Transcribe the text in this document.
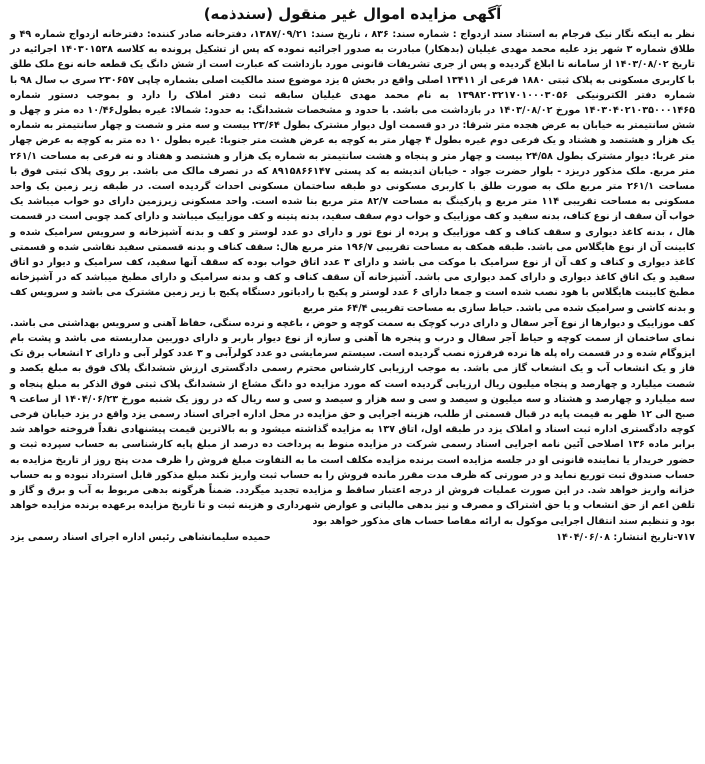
آگهی مزایده اموال غیر منقول (سندذمه)

نظر به اینکه نگار نیک فرجام به استناد سند ازدواج : شماره سند: ۸۳۶ ، تاریخ سند: ۱۳۸۷/۰۹/۲۱، دفترخانه صادر کننده: دفترخانه ازدواج شماره ۴۹ و طلاق شماره ۳ شهر یزد علیه محمد مهدی غیلیان (بدهکار) مبادرت به صدور اجرائیه نموده که پس از تشکیل پرونده به کلاسه ۱۴۰۳۰۱۵۳۸ اجرائیه در تاریخ ۱۴۰۳/۰۸/۰۲ از سامانه تا ابلاغ گردیده و پس از جری تشریفات قانونی مورد بازداشت که عبارت است از شش دانگ یک قطعه خانه نوع ملک طلق با کاربری مسکونی به پلاک ثبتی ۱۸۸۰ فرعی از ۱۳۴۱۱ اصلی واقع در بخش ۵ یزد موضوع سند مالکیت اصلی بشماره چاپی ۲۳۰۶۵۷ سری ب سال ۹۸ با شماره دفتر الکترونیکی ۱۳۹۸۲۰۳۲۱۷۰۱۰۰۰۳۰۵۶ به نام محمد مهدی غیلیان سابقه ثبت دفتر املاک را دارد و بموجب دستور شماره ۱۴۰۳۰۴۰۲۱۰۳۵۰۰۰۱۴۶۵ مورخ ۱۴۰۳/۰۸/۰۲ در بازداشت می باشد. با حدود و مشخصات ششدانگ: به حدود: شمالا: غیره بطول۱۰/۴۶ ده متر و چهل و شش سانتیمتر به خیابان به عرض هجده متر شرقا: در دو قسمت اول دیوار مشترک بطول ۲۳/۶۴ بیست و سه متر و شصت و چهار سانتیمتر به شماره یک هزار و هشتصد و هشتاد و یک فرعی دوم غیره بطول ۴ چهار متر به کوچه به عرض هشت متر جنوبا: غیره بطول ۱۰ ده متر به کوچه به عرض چهار متر غربا: دیوار مشترک بطول ۲۴/۵۸ بیست و چهار متر و پنجاه و هشت سانتیمتر به شماره یک هزار و هشتصد و هفتاد و نه فرعی به مساحت ۲۶۱/۱ متر مربع. ملک مذکور دریزد - بلوار حضرت جواد - خیابان اندیشه به کد پستی ۸۹۱۵۸۶۶۱۴۷ که در تصرف مالک می باشد. بر روی پلاک ثبتی فوق با مساحت ۲۶۱/۱ متر مربع ملک به صورت طلق با کاربری مسکونی دو طبقه ساختمان مسکونی احداث گردیده است. در طبقه زیر زمین یک واحد مسکونی به مساحت تقریبی ۱۱۴ متر مربع و پارکینگ به مساحت ۸۲/۷ متر مربع بنا شده است. واحد مسکونی زیرزمین دارای دو خواب میباشد یک خواب آن سقف از نوع کناف، بدنه سفید و کف موزاییک و خواب دوم سقف سفید، بدنه پتینه و کف موزاییک میباشد و دارای کمد چوبی است در قسمت هال ، بدنه کاغذ دیواری و سقف کناف و کف موزاییک و پرده از نوع تور و دارای دو عدد لوستر و کف و بدنه آشپزخانه و سرویس سرامیک شده و کابینت آن از نوع هایگلاس می باشد. طبقه همکف به مساحت تقریبی ۱۹۶/۷ متر مربع هال: سقف کناف و بدنه قسمتی سفید نقاشی شده و قسمتی کاغذ دیواری و کناف و کف آن از نوع سرامیک با موکت می باشد و دارای ۳ عدد اتاق خواب بوده که سقف آنها سفید، کف سرامیک و دیوار دو اتاق سفید و یک اتاق کاغذ دیواری و دارای کمد دیواری می باشد. آشپزخانه آن سقف کناف و کف و بدنه سرامیک و دارای مطبخ میباشد که در آشپزخانه مطبخ کابینت هایگلاس با هود نصب شده است و جمعا دارای ۶ عدد لوستر و پکیج با رادیاتور دستگاه پکیج با زیر زمین مشترک می باشد و سرویس کف و بدنه کاشی و سرامیک شده می باشد. حیاط سازی به مساحت تقریبی ۶۴/۴ متر مربع

کف موزاییک و دیوارها از نوع آجر سفال و دارای درب کوچک به سمت کوچه و حوض ، باغچه و نرده سنگی، حفاظ آهنی و سرویس بهداشتی می باشد. نمای ساختمان از سمت کوچه و حیاط آجر سفال و درب و پنجره ها آهنی و سازه از نوع دیوار باربر و دارای دوربین مداربسته می باشد و پشت بام ایزوگام شده و در قسمت راه پله ها نرده فرفرژه نصب گردیده است. سیستم سرمایشی دو عدد کولرآبی و ۳ عدد کولر آبی و دارای ۲ انشعاب برق تک فاز و یک انشعاب آب و یک انشعاب گاز می باشد. به موجب ارزیابی کارشناس محترم رسمی دادگستری ارزش ششدانگ پلاک فوق به مبلغ یکصد و شصت میلیارد و چهارصد و پنجاه میلیون ریال ارزیابی گردیده است که مورد مزایده دو دانگ مشاع از ششدانگ پلاک ثبتی فوق الذکر به مبلغ پنجاه و سه میلیارد و چهارصد و هشتاد و سه میلیون و سیصد و سی و سه هزار و سیصد و سی و سه ریال که در روز یک شنبه مورخ ۱۴۰۴/۰۶/۲۳ از ساعت ۹ صبح الی ۱۲ ظهر به قیمت پایه در قبال قسمتی از طلب، هزینه اجرایی و حق مزایده در محل اداره اجرای اسناد رسمی یزد واقع در یزد خیابان فرخی کوچه دادگستری اداره ثبت اسناد و املاک یزد در طبقه اول، اتاق ۱۳۷ به مزایده گذاشته میشود و به بالاترین قیمت پیشنهادی نقداً فروخته خواهد شد برابر ماده ۱۳۶ اصلاحی آئین نامه اجرایی اسناد رسمی شرکت در مزایده منوط به پرداخت ده درصد از مبلغ پایه کارشناسی به حساب سپرده ثبت و حضور خریدار یا نماینده قانونی او در جلسه مزایده است برنده مزایده مکلف است ما به التفاوت مبلغ فروش را ظرف مدت پنج روز از تاریخ مزایده به حساب صندوق ثبت توریع نماید و در صورتی که ظرف مدت مقرر مانده فروش را به حساب ثبت واریز نکند مبلغ مذکور قابل استرداد نبوده و به حساب خزانه واریز خواهد شد. در این صورت عملیات فروش از درجه اعتبار ساقط و مزایده تجدید میگردد. ضمناً هرگونه بدهی مربوط به آب و برق و گاز و تلفن اعم از حق انشعاب و یا حق اشتراک و مصرف و نیز بدهی مالیاتی و عوارض شهرداری و هزینه ثبت و تا تاریخ مزایده برعهده برنده مزایده خواهد بود و تنظیم سند انتقال اجرایی موکول به ارائه مفاصا حساب های مذکور خواهد بود

۷۱۷-تاریخ انتشار: ۱۴۰۴/۰۶/۰۸
حمیده سلیمانشاهی رئیس اداره اجرای اسناد رسمی یزد
